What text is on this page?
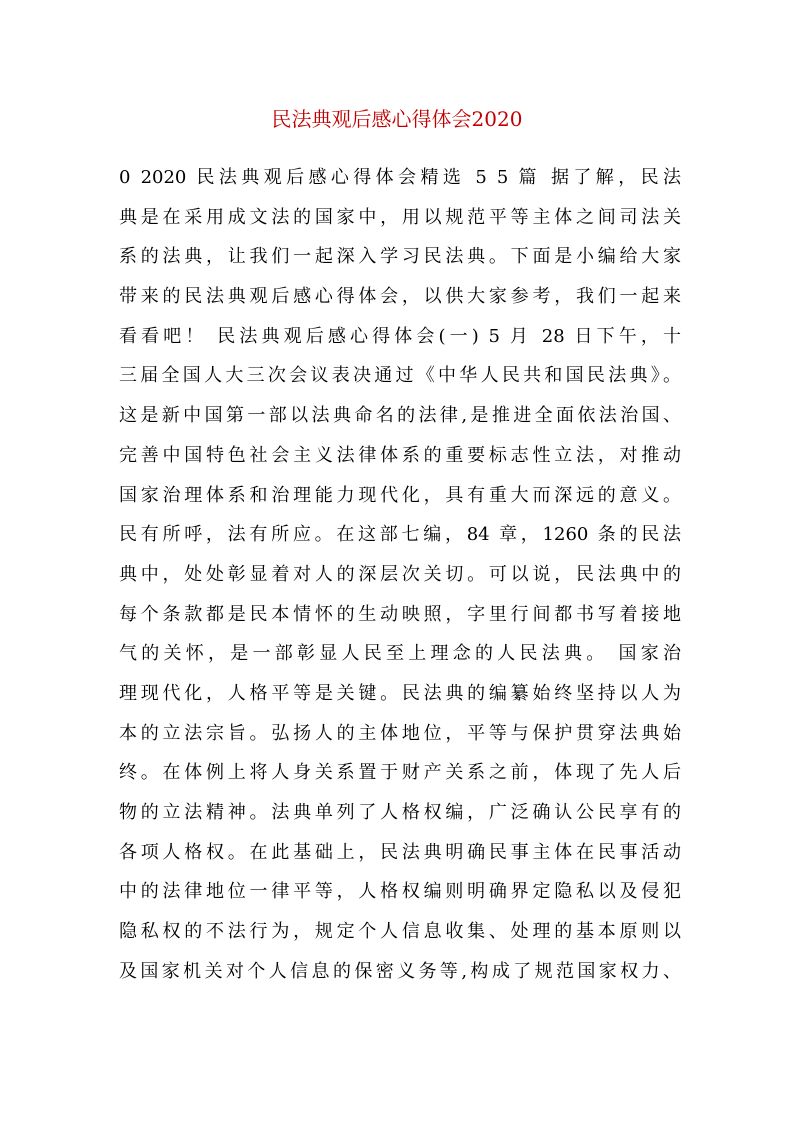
民法典观后感心得体会2020
0 2020 民法典观后感心得体会精选 5 5 篇 据了解，民法
典是在采用成文法的国家中，用以规范平等主体之间司法关
系的法典，让我们一起深入学习民法典。下面是小编给大家
带来的民法典观后感心得体会，以供大家参考，我们一起来
看看吧！ 民法典观后感心得体会(一) 5 月 28 日下午，十
三届全国人大三次会议表决通过《中华人民共和国民法典》。
这是新中国第一部以法典命名的法律,是推进全面依法治国、
完善中国特色社会主义法律体系的重要标志性立法，对推动
国家治理体系和治理能力现代化，具有重大而深远的意义。
民有所呼，法有所应。在这部七编，84 章，1260 条的民法
典中，处处彰显着对人的深层次关切。可以说，民法典中的
每个条款都是民本情怀的生动映照，字里行间都书写着接地
气的关怀，是一部彰显人民至上理念的人民法典。 国家治
理现代化，人格平等是关键。民法典的编纂始终坚持以人为
本的立法宗旨。弘扬人的主体地位，平等与保护贯穿法典始
终。在体例上将人身关系置于财产关系之前，体现了先人后
物的立法精神。法典单列了人格权编，广泛确认公民享有的
各项人格权。在此基础上，民法典明确民事主体在民事活动
中的法律地位一律平等，人格权编则明确界定隐私以及侵犯
隐私权的不法行为，规定个人信息收集、处理的基本原则以
及国家机关对个人信息的保密义务等,构成了规范国家权力、
